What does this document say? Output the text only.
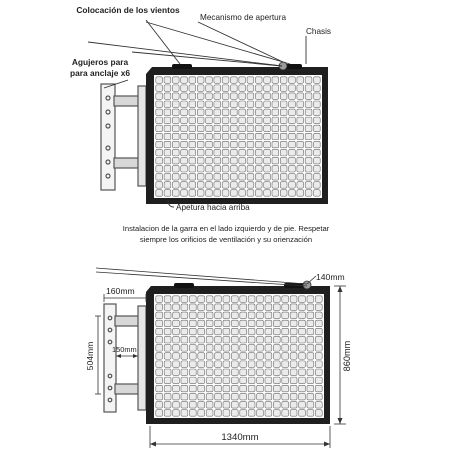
Colocación de los vientos
Mecanismo de apertura
Chasis
Agujeros para
para anclaje x6
Apetura hacia arriba
Instalacion de la garra en el lado izquierdo y de pie. Respetar
siempre los orificios de ventilación y su orienzación
140mm
160mm
150mm
504mm	860mm
1340mm
